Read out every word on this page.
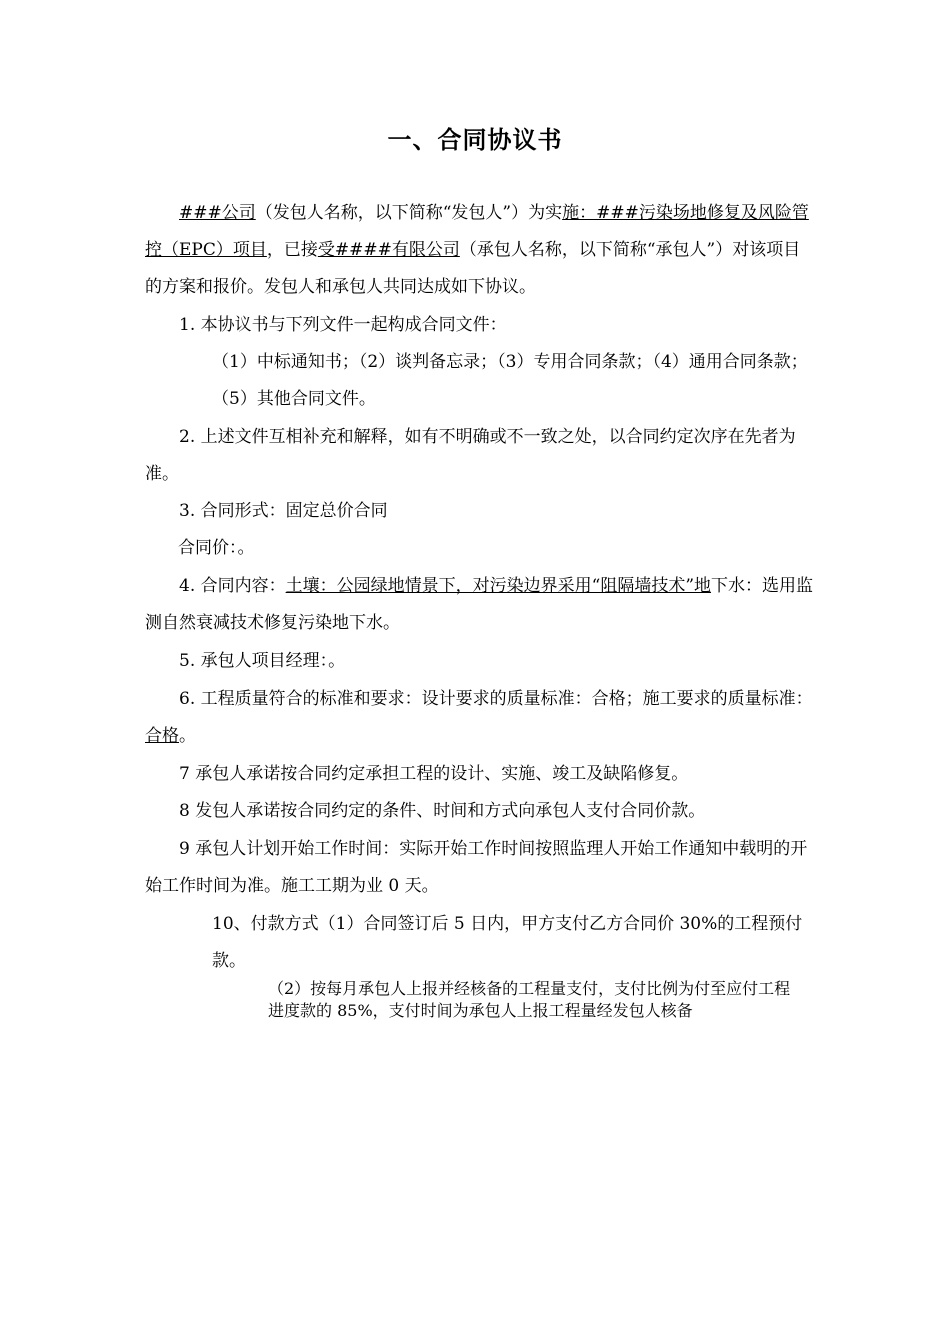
一、合同协议书
###公司（发包人名称，以下简称“发包人”）为实施：###污染场地修复及风险管控（EPC）项目，已接受####有限公司（承包人名称，以下简称“承包人”）对该项目的方案和报价。发包人和承包人共同达成如下协议。
1. 本协议书与下列文件一起构成合同文件：
（1）中标通知书；（2）谈判备忘录；（3）专用合同条款；（4）通用合同条款；（5）其他合同文件。
2. 上述文件互相补充和解释，如有不明确或不一致之处，以合同约定次序在先者为准。
3. 合同形式：固定总价合同
合同价：。
4. 合同内容：土壤：公园绿地情景下，对污染边界采用“阻隔墙技术”地下水：选用监测自然衰减技术修复污染地下水。
5. 承包人项目经理：。
6. 工程质量符合的标准和要求：设计要求的质量标准：合格；施工要求的质量标准：合格。
7 承包人承诺按合同约定承担工程的设计、实施、竣工及缺陷修复。
8 发包人承诺按合同约定的条件、时间和方式向承包人支付合同价款。
9 承包人计划开始工作时间：实际开始工作时间按照监理人开始工作通知中载明的开始工作时间为准。施工工期为业 0 天。
10、付款方式（1）合同签订后 5 日内，甲方支付乙方合同价 30%的工程预付款。
（2）按每月承包人上报并经核备的工程量支付，支付比例为付至应付工程进度款的 85%，支付时间为承包人上报工程量经发包人核备
